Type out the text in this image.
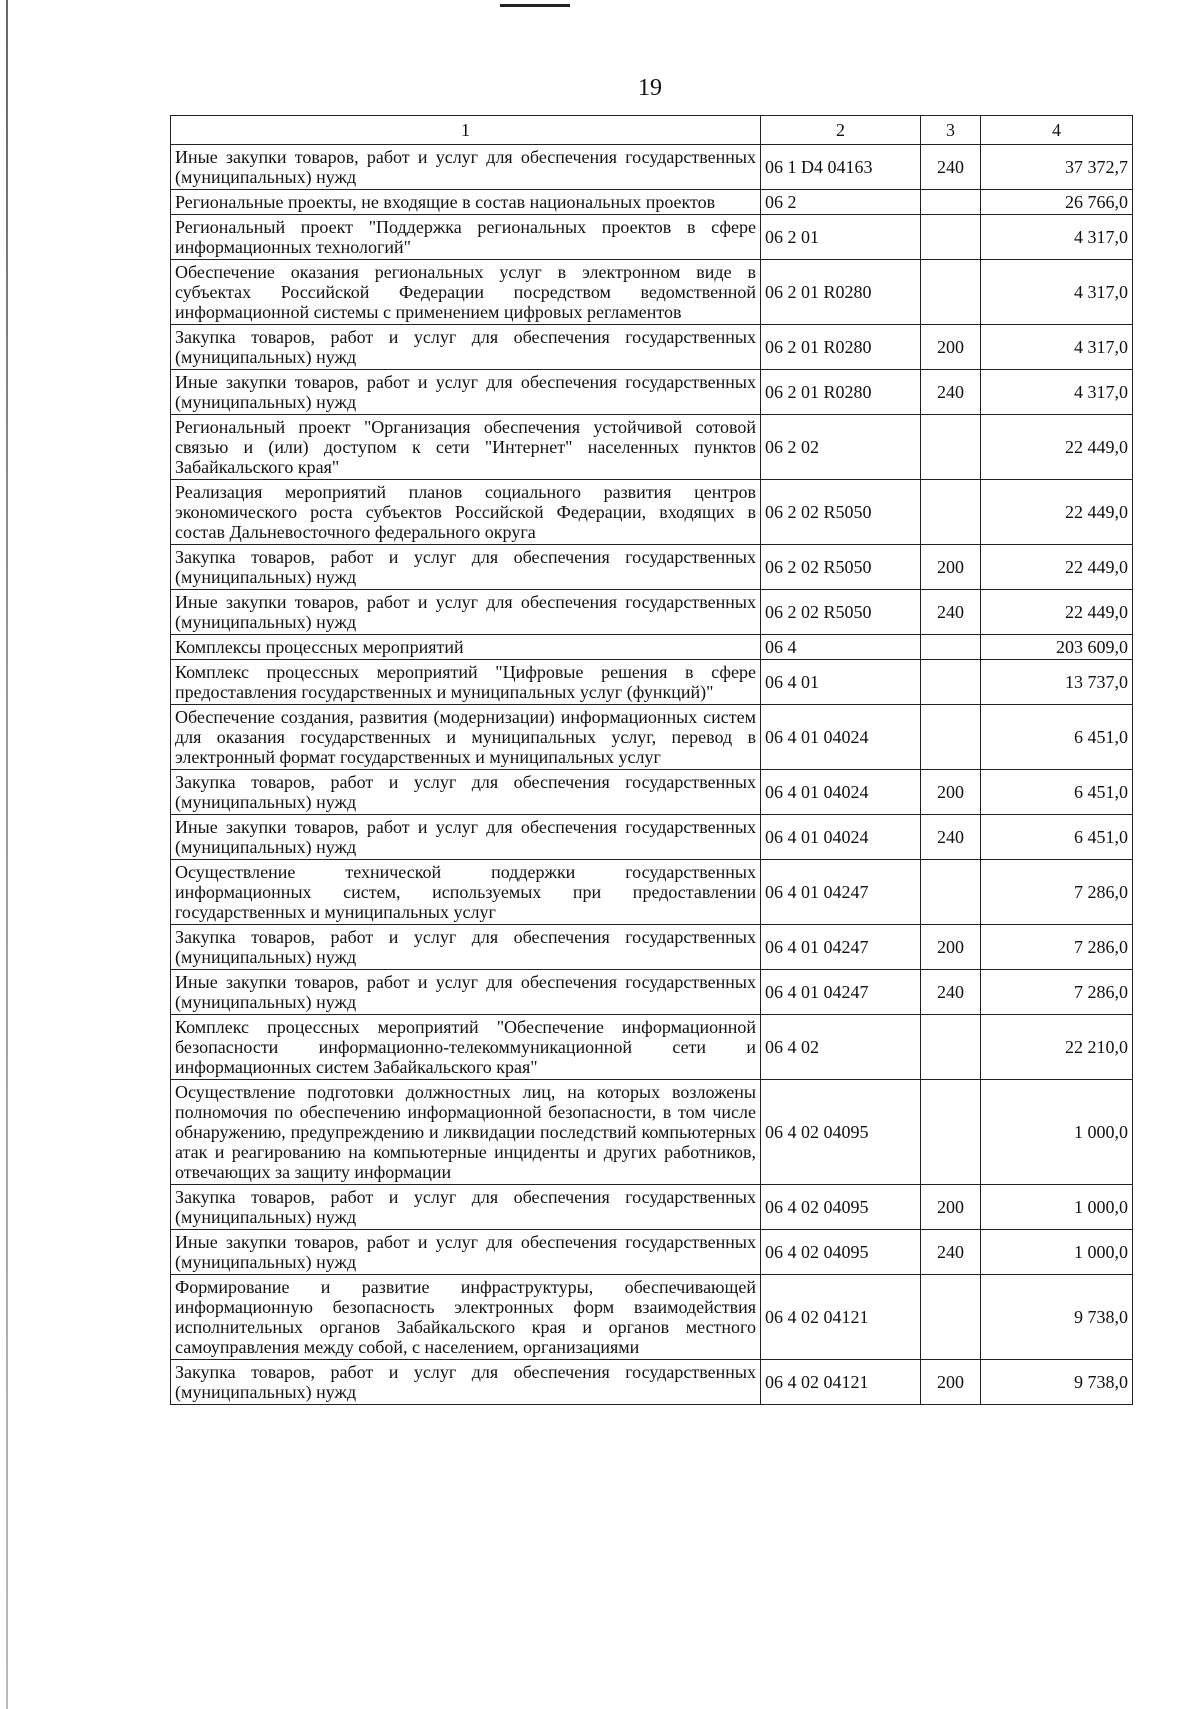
19
1	2	3	4
Иные закупки товаров, работ и услуг для обеспечения государственных (муниципальных) нужд	06 1 D4 04163	240	37 372,7
Региональные проекты, не входящие в состав национальных проектов	06 2		26 766,0
Региональный проект "Поддержка региональных проектов в сфере информационных технологий"	06 2 01		4 317,0
Обеспечение оказания региональных услуг в электронном виде в субъектах Российской Федерации посредством ведомственной информационной системы с применением цифровых регламентов	06 2 01 R0280		4 317,0
Закупка товаров, работ и услуг для обеспечения государственных (муниципальных) нужд	06 2 01 R0280	200	4 317,0
Иные закупки товаров, работ и услуг для обеспечения государственных (муниципальных) нужд	06 2 01 R0280	240	4 317,0
Региональный проект "Организация обеспечения устойчивой сотовой связью и (или) доступом к сети "Интернет" населенных пунктов Забайкальского края"	06 2 02		22 449,0
Реализация мероприятий планов социального развития центров экономического роста субъектов Российской Федерации, входящих в состав Дальневосточного федерального округа	06 2 02 R5050		22 449,0
Закупка товаров, работ и услуг для обеспечения государственных (муниципальных) нужд	06 2 02 R5050	200	22 449,0
Иные закупки товаров, работ и услуг для обеспечения государственных (муниципальных) нужд	06 2 02 R5050	240	22 449,0
Комплексы процессных мероприятий	06 4		203 609,0
Комплекс процессных мероприятий "Цифровые решения в сфере предоставления государственных и муниципальных услуг (функций)"	06 4 01		13 737,0
Обеспечение создания, развития (модернизации) информационных систем для оказания государственных и муниципальных услуг, перевод в электронный формат государственных и муниципальных услуг	06 4 01 04024		6 451,0
Закупка товаров, работ и услуг для обеспечения государственных (муниципальных) нужд	06 4 01 04024	200	6 451,0
Иные закупки товаров, работ и услуг для обеспечения государственных (муниципальных) нужд	06 4 01 04024	240	6 451,0
Осуществление технической поддержки государственных информационных систем, используемых при предоставлении государственных и муниципальных услуг	06 4 01 04247		7 286,0
Закупка товаров, работ и услуг для обеспечения государственных (муниципальных) нужд	06 4 01 04247	200	7 286,0
Иные закупки товаров, работ и услуг для обеспечения государственных (муниципальных) нужд	06 4 01 04247	240	7 286,0
Комплекс процессных мероприятий "Обеспечение информационной безопасности информационно-телекоммуникационной сети и информационных систем Забайкальского края"	06 4 02		22 210,0
Осуществление подготовки должностных лиц, на которых возложены полномочия по обеспечению информационной безопасности, в том числе обнаружению, предупреждению и ликвидации последствий компьютерных атак и реагированию на компьютерные инциденты и других работников, отвечающих за защиту информации	06 4 02 04095		1 000,0
Закупка товаров, работ и услуг для обеспечения государственных (муниципальных) нужд	06 4 02 04095	200	1 000,0
Иные закупки товаров, работ и услуг для обеспечения государственных (муниципальных) нужд	06 4 02 04095	240	1 000,0
Формирование и развитие инфраструктуры, обеспечивающей информационную безопасность электронных форм взаимодействия исполнительных органов Забайкальского края и органов местного самоуправления между собой, с населением, организациями	06 4 02 04121		9 738,0
Закупка товаров, работ и услуг для обеспечения государственных (муниципальных) нужд	06 4 02 04121	200	9 738,0
